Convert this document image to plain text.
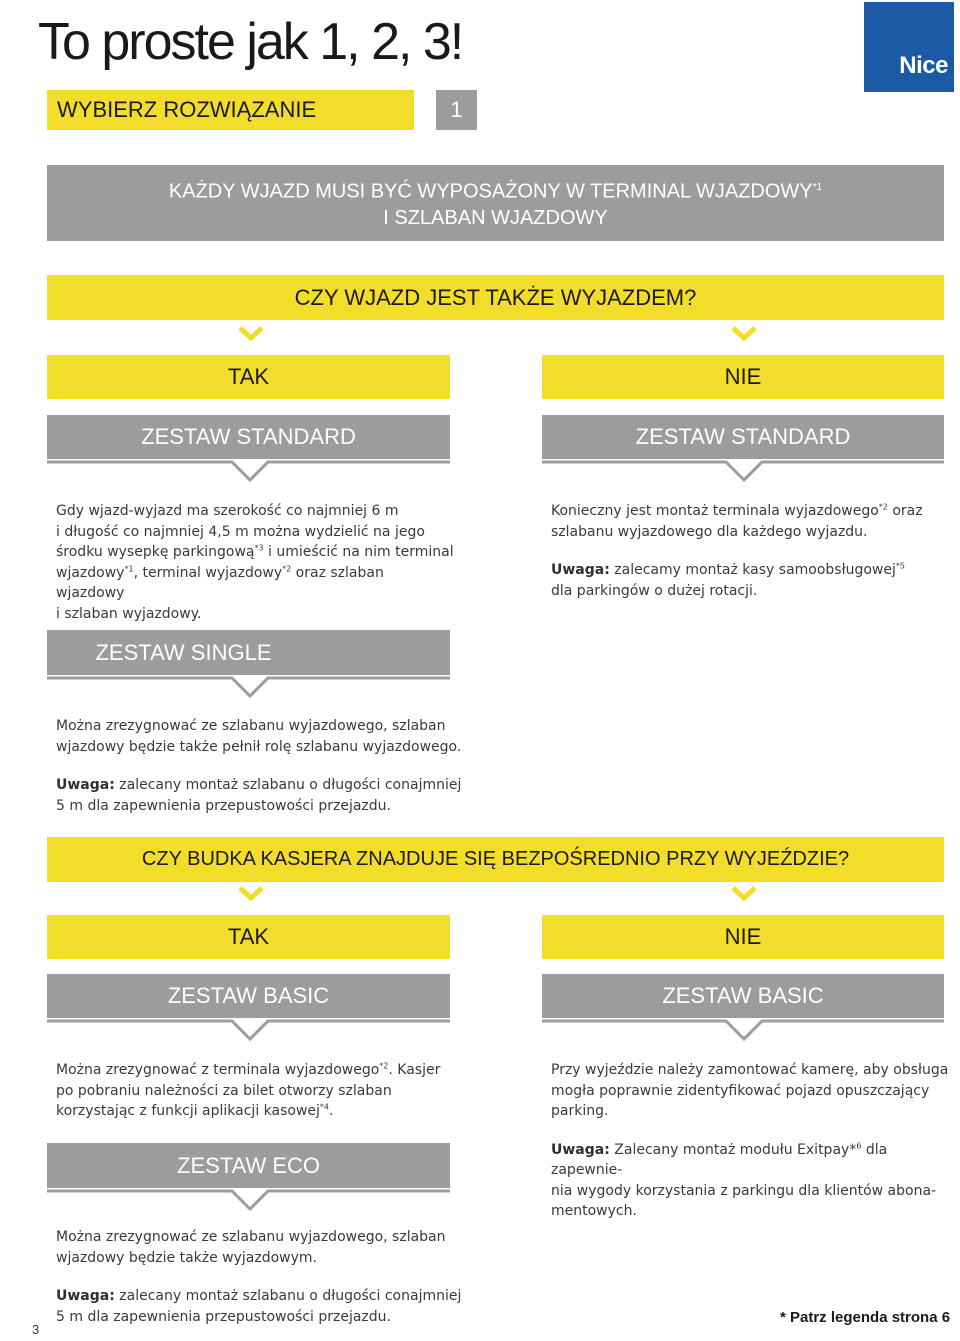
To proste jak 1, 2, 3!	Nice
WYBIERZ ROZWIĄZANIE	1
KAŻDY WJAZD MUSI BYĆ WYPOSAŻONY W TERMINAL WJAZDOWY$^{*1}$
I SZLABAN WJAZDOWY
CZY WJAZD JEST TAKŻE WYJAZDEM?
TAK	NIE
ZESTAW STANDARD	ZESTAW STANDARD
Gdy wjazd-wyjazd ma szerokość co najmniej 6 m
i długość co najmniej 4,5 m można wydzielić na jego
środku wysepkę parkingową$^{*3}$ i umieścić na nim terminal
wjazdowy$^{*1}$, terminal wyjazdowy$^{*2}$ oraz szlaban wjazdowy
i szlaban wyjazdowy.
Konieczny jest montaż terminala wyjazdowego$^{*2}$ oraz
szlabanu wyjazdowego dla każdego wyjazdu.
Uwaga: zalecamy montaż kasy samoobsługowej$^{*5}$
dla parkingów o dużej rotacji.
ZESTAW SINGLE
Można zrezygnować ze szlabanu wyjazdowego, szlaban
wjazdowy będzie także pełnił rolę szlabanu wyjazdowego.
Uwaga: zalecany montaż szlabanu o długości conajmniej
5 m dla zapewnienia przepustowości przejazdu.
CZY BUDKA KASJERA ZNAJDUJE SIĘ BEZPOŚREDNIO PRZY WYJEŹDZIE?
TAK	NIE
ZESTAW BASIC	ZESTAW BASIC
Można zrezygnować z terminala wyjazdowego$^{*2}$. Kasjer
po pobraniu należności za bilet otworzy szlaban
korzystając z funkcji aplikacji kasowej$^{*4}$.
Przy wyjeździe należy zamontować kamerę, aby obsługa
mogła poprawnie zidentyfikować pojazd opuszczający
parking.
Uwaga: Zalecany montaż modułu Exitpay*$^6$ dla zapewnie-
nia wygody korzystania z parkingu dla klientów abona-
mentowych.
ZESTAW ECO
Można zrezygnować ze szlabanu wyjazdowego, szlaban
wjazdowy będzie także wyjazdowym.
Uwaga: zalecany montaż szlabanu o długości conajmniej
5 m dla zapewnienia przepustowości przejazdu.
3
* Patrz legenda strona 6
